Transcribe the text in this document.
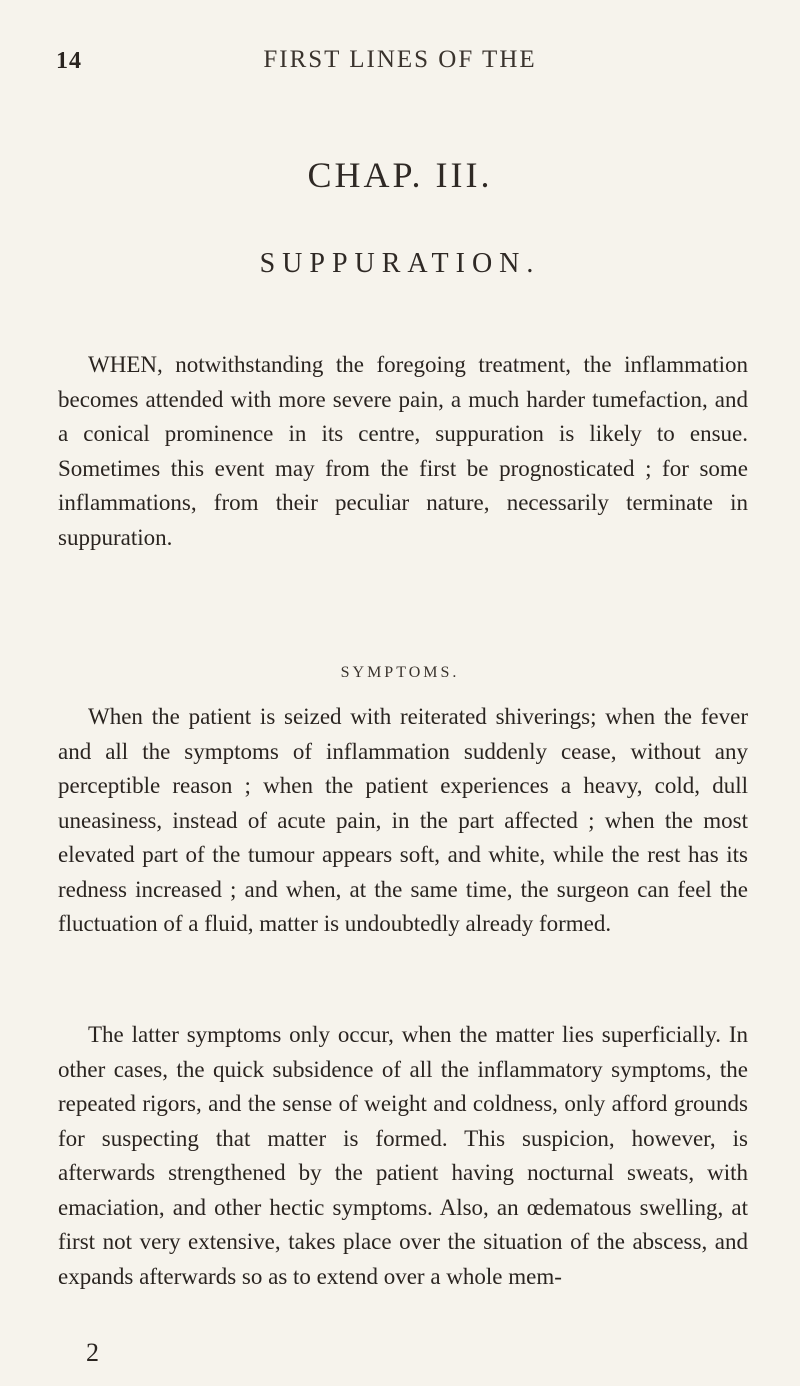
14	FIRST LINES OF THE
CHAP. III.
SUPPURATION.

WHEN, notwithstanding the foregoing treatment, the inflammation becomes attended with more severe pain, a much harder tumefaction, and a conical prominence in its centre, suppuration is likely to ensue. Sometimes this event may from the first be prognosticated ; for some inflammations, from their peculiar nature, necessarily terminate in suppuration.

SYMPTOMS.

When the patient is seized with reiterated shiverings; when the fever and all the symptoms of inflammation suddenly cease, without any perceptible reason ; when the patient experiences a heavy, cold, dull uneasiness, instead of acute pain, in the part affected ; when the most elevated part of the tumour appears soft, and white, while the rest has its redness increased ; and when, at the same time, the surgeon can feel the fluctuation of a fluid, matter is undoubtedly already formed.

The latter symptoms only occur, when the matter lies superficially. In other cases, the quick subsidence of all the inflammatory symptoms, the repeated rigors, and the sense of weight and coldness, only afford grounds for suspecting that matter is formed. This suspicion, however, is afterwards strengthened by the patient having nocturnal sweats, with emaciation, and other hectic symptoms. Also, an œdematous swelling, at first not very extensive, takes place over the situation of the abscess, and expands afterwards so as to extend over a whole mem-

2
